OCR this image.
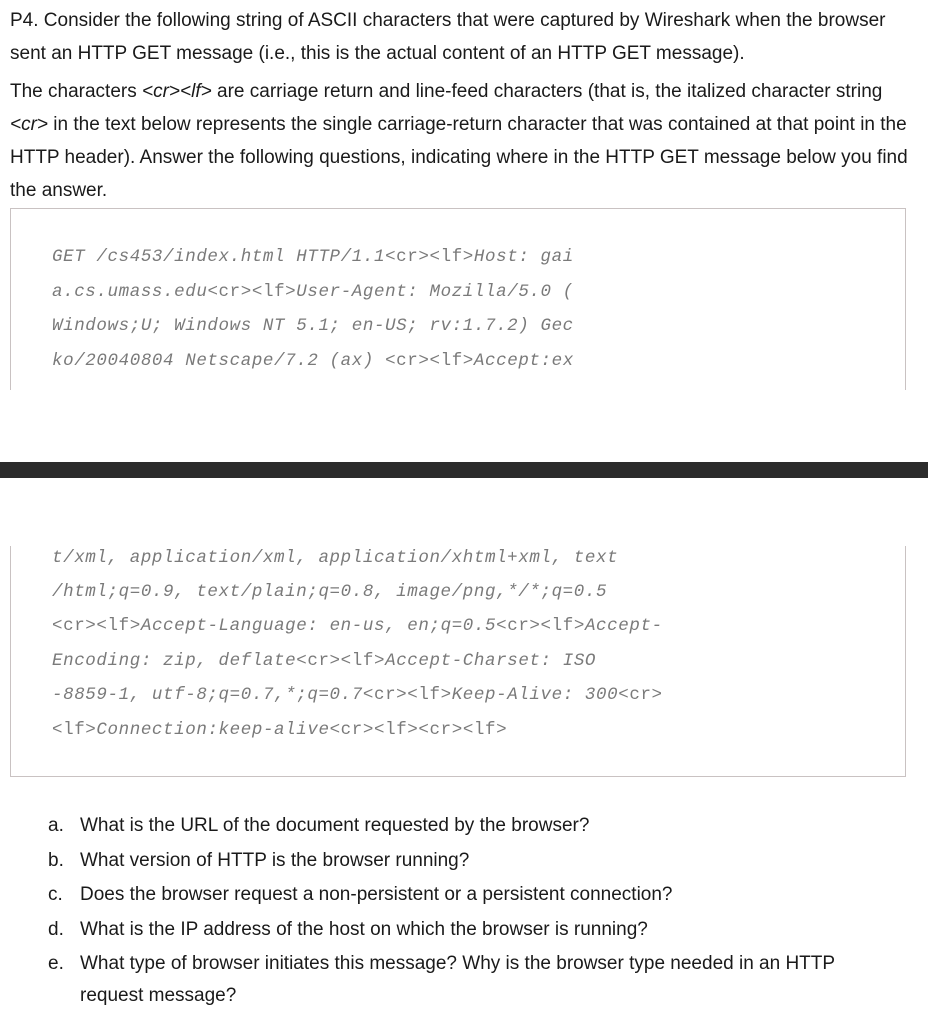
P4. Consider the following string of ASCII characters that were captured by Wireshark when the browser sent an HTTP GET message (i.e., this is the actual content of an HTTP GET message).

The characters <cr><lf> are carriage return and line-feed characters (that is, the italized character string <cr> in the text below represents the single carriage-return character that was contained at that point in the HTTP header). Answer the following questions, indicating where in the HTTP GET message below you find the answer.

GET /cs453/index.html HTTP/1.1<cr><lf>Host: gai
a.cs.umass.edu<cr><lf>User-Agent: Mozilla/5.0 (
Windows;U; Windows NT 5.1; en-US; rv:1.7.2) Gec
ko/20040804 Netscape/7.2 (ax) <cr><lf>Accept:ex
t/xml, application/xml, application/xhtml+xml, text
/html;q=0.9, text/plain;q=0.8, image/png,*/*;q=0.5
<cr><lf>Accept-Language: en-us, en;q=0.5<cr><lf>Accept-
Encoding: zip, deflate<cr><lf>Accept-Charset: ISO
-8859-1, utf-8;q=0.7,*;q=0.7<cr><lf>Keep-Alive: 300<cr>
<lf>Connection:keep-alive<cr><lf><cr><lf>
a. What is the URL of the document requested by the browser?
b. What version of HTTP is the browser running?
c. Does the browser request a non-persistent or a persistent connection?
d. What is the IP address of the host on which the browser is running?
e. What type of browser initiates this message? Why is the browser type needed in an HTTP request message?
